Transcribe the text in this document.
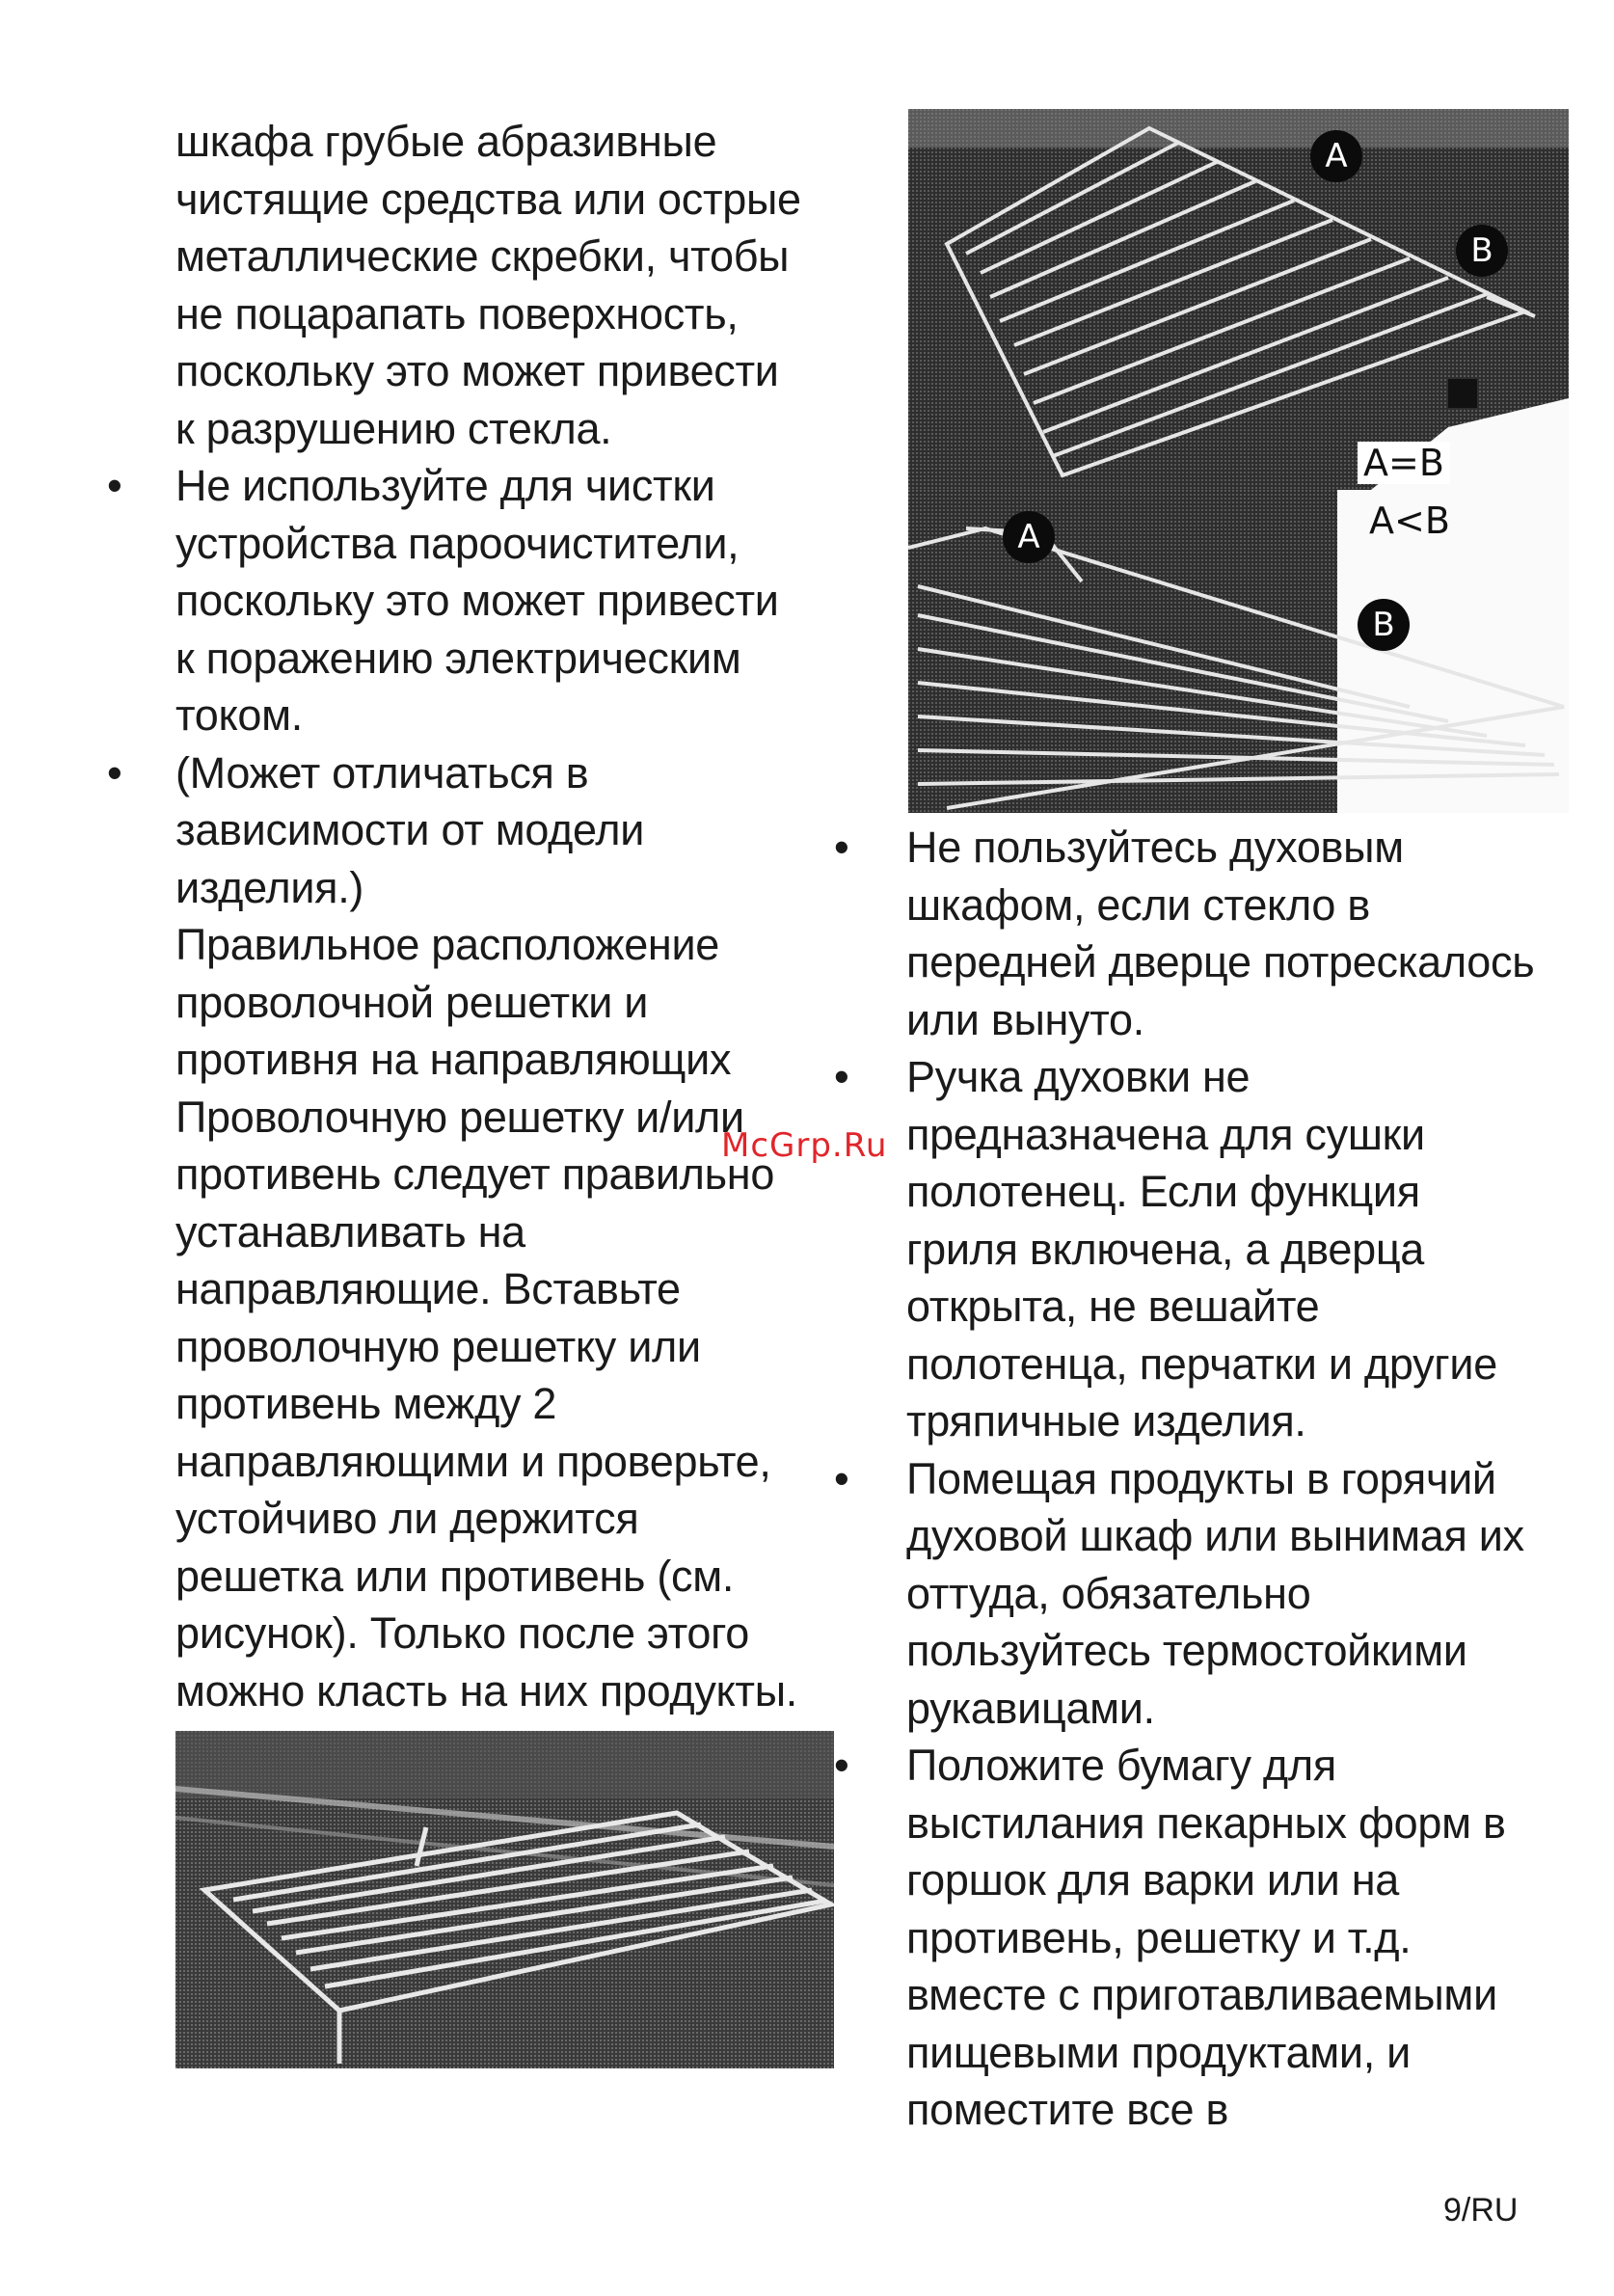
шкафа грубые абразивные

чистящие средства или острые

металлические скребки, чтобы

не поцарапать поверхность,

поскольку это может привести

к разрушению стекла.

• Не используйте для чистки

устройства пароочистители,

поскольку это может привести

к поражению электрическим

током.

• (Может отличаться в

зависимости от модели

изделия.)

Правильное расположение

проволочной решетки и

противня на направляющих

Проволочную решетку и/или

противень следует правильно

устанавливать на

направляющие. Вставьте

проволочную решетку или

противень между 2

направляющими и проверьте,

устойчиво ли держится

решетка или противень (см.

рисунок). Только после этого

можно класть на них продукты.

A
B
A=B
A
B
A<B
• Не пользуйтесь духовым

шкафом, если стекло в

передней дверце потрескалось

или вынуто.

• Ручка духовки не

предназначена для сушки

полотенец. Если функция

гриля включена, а дверца

открыта, не вешайте

полотенца, перчатки и другие

тряпичные изделия.

• Помещая продукты в горячий

духовой шкаф или вынимая их

оттуда, обязательно

пользуйтесь термостойкими

рукавицами.

• Положите бумагу для

выстилания пекарных форм в

горшок для варки или на

противень, решетку и т.д.

вместе с приготавливаемыми

пищевыми продуктами, и

поместите все в

McGrp.Ru
9/RU
